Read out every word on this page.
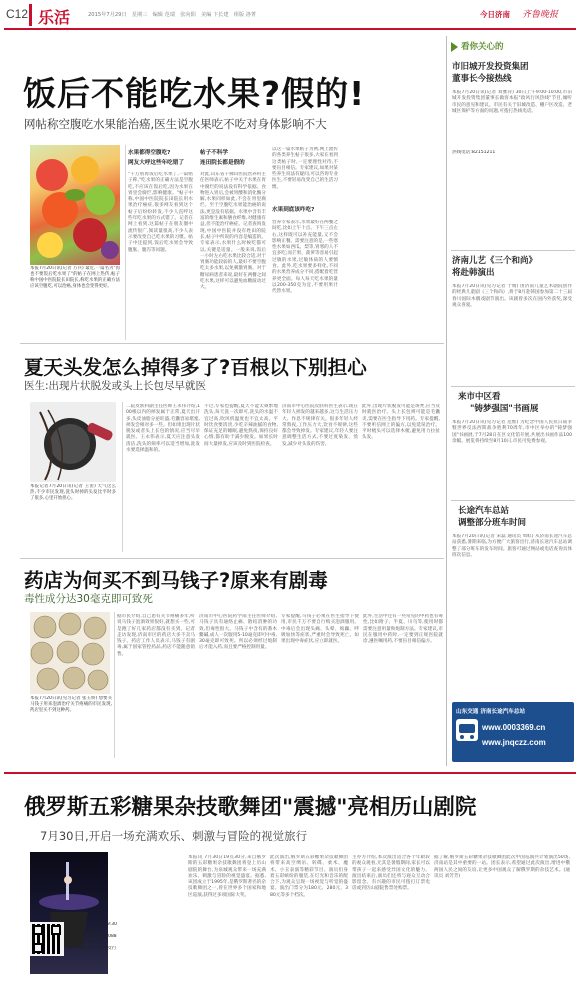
C12 乐活	2015年7月29日　星期三　编辑 范瑞　张向阳　美编 卞长建　组版 洛菁	今日济南 齐鲁晚报
饭后不能吃水果?假的!
网帖称空腹吃水果能治癌,医生说水果吃不吃对身体影响不大
本报7月20日讯(记者 万兵) 最近,一篇名为"再也不要饭后吃水果了"的帖子在网上热传,帖子称中国中医院院长田院长,称吃水果的正确方法应该空腹吃,可以治癌,身体也会变得更好。
水果都得空腹吃?
网友大呼这些年吃错了
"千万别再饭后吃水果了,一篇帖子称,"吃水果的正确方法是空腹吃,不应该在饭后吃,因为水果在胃里会腐烂,影响健康。"帖子中称,中国中医院院长田院长用水果治疗癌症,很多网友看到这个帖子后纷纷转发,不少人直呼这些年吃水果的方式错了。记者在网上看到,这篇帖子在朋友圈中流传很广,阅读量很高,不少人表示要改变自己吃水果的习惯。帖子中还提到,饭后吃水果会导致腹胀、腹泻等问题。
帖子不科学
连田院长都是假的
对此,山东省千佛山医院营养科主任医师表示,帖子中关于水果在胃中腐烂的说法没有科学依据。食物进入胃后,会被胃酸和消化酶分解,水果同样如此,不会在胃里腐烂。至于空腹吃水果能治癌的说法,更是没有依据。水果中含有丰富的维生素和膳食纤维,对健康有益,但不能治疗癌症。记者查询发现,中国中医院并没有姓田的院长,帖子中所说的内容是编造的。专家表示,水果什么时候吃都可以,关键是适量。一般来说,饭后一小时左右吃水果比较合适,对于胃肠功能较弱的人,最好不要空腹吃太多水果,以免刺激胃肠。对于糖尿病患者来说,最好在两餐之间吃水果,这样可以避免血糖波动过大。
以这一篇水果帖子为例,网上流传的各类养生帖子很多,大家在看到这类帖子时,一定要理性对待,不要盲目相信。专家建议,如果对某些养生说法有疑问,可以咨询专业医生,不要轻易改变自己的生活习惯。
水果到底该咋吃?
营养专家表示,水果最好在两餐之间吃,比如上午十点、下午三点左右,这样既可以补充能量,又不会影响正餐。需要注意的是,一些寒性水果如西瓜、梨等,胃寒的人不宜多吃;而芒果、菠萝等容易引起过敏的水果,过敏体质的人要慎食。此外,吃水果要多样化,不同的水果营养成分不同,搭配着吃营养更全面。每人每天吃水果的量以200-350克为宜,不要用果汁代替水果。
夏天头发怎么掉得多了?百根以下别担心
医生:出现片状脱发或头上长包尽早就医
本报记者7月20日讯(记者 王宙) 天气这么热,不少市民发现,洗头时掉的头发比平时多了很多,心里开始担心。
二院皮肤科副主任医师王永伟介绍,100根以内的掉发属于正常,夏天出汗多,头皮油脂分泌旺盛,毛囊容易堵塞,掉发会相对多一些。但如果出现片状脱发或者头上长包的情况,应当尽早就医。王永伟表示,夏天应注意头发清洁,洗头的频率可以适当增加,洗发水要选择温和的。
不过,专家也提醒,夏天不能太频繁地洗头,每天洗一次即可,洗头的水温不宜过高,吹风机温度也不宜太高。平时饮食要清淡,少吃辛辣油腻的食物,保证充足的睡眠,避免熬夜,保持良好心情,都有助于减少脱发。如果长时间大量掉发,应该及时到医院检查。
济南市中心医院皮肤科医生表示,现在年轻人掉发的越来越多,这与生活压力大、作息不规律有关。很多年轻人经常熬夜,工作压力大,饮食不规律,这些都会导致掉发。专家建议,年轻人要注意调整生活方式,不要过度染发、烫发,减少对头发的伤害。
此外,出现片状脱发可能是斑秃,应当及时就医治疗。头上长包则可能是毛囊炎,需要在医生指导下用药。专家提醒,不要听信网上的偏方,以免延误治疗。平时梳头可以选择木梳,避免用力拉扯头发。
药店为何买不到马钱子?原来有剧毒
毒性成分达30毫克即可致死
本报7月20日讯(见习记者 张玉娇) 想要买马钱子用来泡酒治疗关节疼痛的市民发现,药店里买不到这种药。
据市民介绍,自己患有关节疼痛多年,听说马钱子泡酒效果很好,就想买一些,可是跑了好几家药店都没有买到。记者走访发现,济南市区的药店大多不卖马钱子。药店工作人员表示,马钱子有剧毒,属于国家管控药品,药店不能随意销售。
济南市中心医院药学部主任医师介绍,马钱子具有通络止痛、散结消肿的功效,但毒性很大。马钱子中含有的番木鳖碱,成人一次服用5-10毫克即可中毒,30毫克即可致死。所以必须经过炮制后才能入药,而且要严格控制用量。
专家提醒,马钱子必须在医生指导下使用,市民千万不要自行购买泡酒服用。中毒后会出现头痛、头晕、烦躁、呼吸加快等症状,严重时会导致死亡。如果出现中毒症状,应立即就医。
此外,生活中还有一些常见的中药也有毒性,比如附子、半夏、川乌等,使用时都需要注意用量和炮制方法。专家建议,市民在服用中药时,一定要到正规医院就诊,遵医嘱用药,不要盲目相信偏方。
看你关心的
市旧城开发投资集团
董事长今接热线
本报7月20日讯(记者 刘雅萍) 30日上午9:00-10:00,市旧城开发投资集团董事长做客本报"政风行风热线"节目,倾听市民的意见和建议。市民有关于旧城改造、棚户区改造、老城区保护等方面的问题,可拨打热线电话。
热线电话:82151211
济南儿艺《三个和尚》
将赴韩演出
本报7月20日讯(见习记者 于婧) 由济南儿童艺术剧院创作的经典儿童剧《三个和尚》,将于8月赴韩国参加第二十三届春川国际木偶戏剧节演出。该剧曾多次在国内外获奖,深受观众喜爱。
来市中区看
"铸梦强国"书画展
本报7月20日讯(见习记者 范惟) 为纪念中国人民抗日战争暨世界反法西斯战争胜利70周年,市中区举办的"铸梦强国"书画展,于7月28日在区文化馆开展,共展出书画作品100余幅。展览将持续至8月10日,市民可免费参观。
长途汽车总站
调整部分班车时间
本报7月20日讯(记者 宋磊 通讯员 周虹) 从济南长途汽车总站获悉,暑期来临,为方便广大旅客出行,济南长途汽车总站调整了部分班车的发车时间。旅客可通过网站或电话查询具体班次信息。
山东交通 济南长途汽车总站
www.0003369.cn
www.jnqczz.com
俄罗斯五彩糖果杂技歌舞团"震撼"亮相历山剧院
7月30日,开启一场充满欢乐、刺激与冒险的视觉旅行
演出时间:7月30日19:30
地点:历山剧院
订票电话:40000-56088
0531-82627277
俄罗斯杂技团有望全女行
本报讯 7月30日19点30分,来自俄罗斯的五彩糖果杂技歌舞团将登上历山剧院的舞台,为泉城观众带来一场充满欢乐、刺激与冒险的视觉盛宴。据悉,该团成立于1995年,是俄罗斯著名的杂技歌舞团之一,曾在世界多个国家和地区巡演,获得过多项国际大奖。
此次演出,俄罗斯五彩糖果杂技歌舞团将带来高空绸吊、转碟、柔术、魔术、小丑表演等精彩节目。演员们身着五彩缤纷的服装,在灯光和音乐的配合下,为观众呈现一场视觉与听觉的盛宴。演出门票分为180元、280元、380元等多个档次。
主办方介绍,本次演出适合各个年龄段的观众观看,尤其是暑假期间,家长可以带孩子一起来感受异国文化的魅力。演出结束后,演员们还将与观众互动合影留念。有兴趣的市民可拨打订票电话或到历山剧院售票处购票。
据了解,俄罗斯五彩糖果杂技歌舞团此次中国巡演共计划演出50场,济南站是其中重要的一站。团长表示,希望通过此次演出,增进中俄两国人民之间的友谊,让更多中国观众了解俄罗斯的杂技艺术。(通讯员 刘芳芳)
